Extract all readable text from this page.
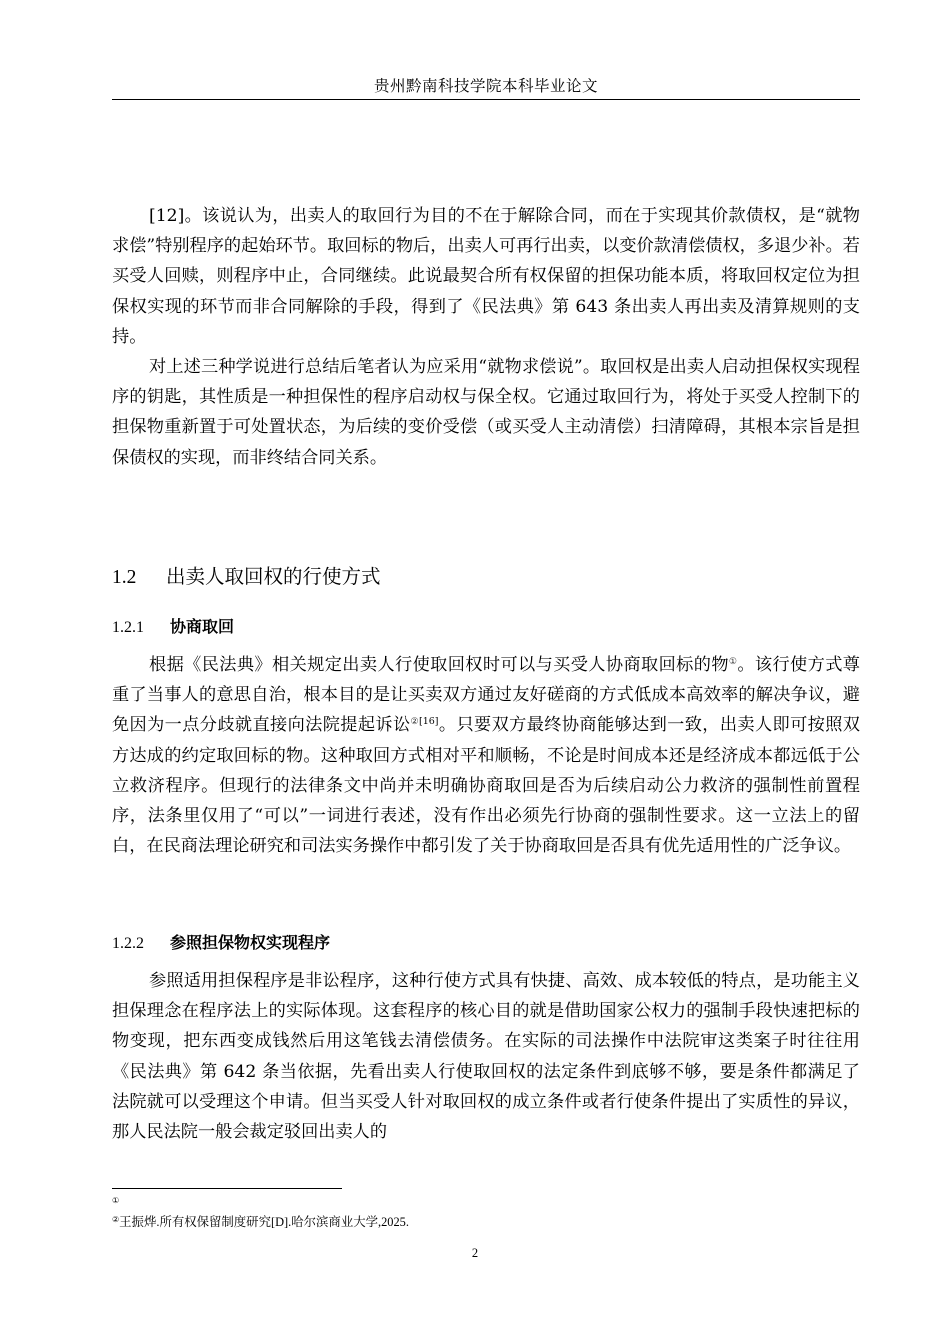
贵州黔南科技学院本科毕业论文

[12]。该说认为，出卖人的取回行为目的不在于解除合同，而在于实现其价款债权，是“就物求偿”特别程序的起始环节。取回标的物后，出卖人可再行出卖，以变价款清偿债权，多退少补。若买受人回赎，则程序中止，合同继续。此说最契合所有权保留的担保功能本质，将取回权定位为担保权实现的环节而非合同解除的手段，得到了《民法典》第 643 条出卖人再出卖及清算规则的支持。

对上述三种学说进行总结后笔者认为应采用“就物求偿说”。取回权是出卖人启动担保权实现程序的钥匙，其性质是一种担保性的程序启动权与保全权。它通过取回行为，将处于买受人控制下的担保物重新置于可处置状态，为后续的变价受偿（或买受人主动清偿）扫清障碍，其根本宗旨是担保债权的实现，而非终结合同关系。

1.2 出卖人取回权的行使方式
1.2.1 协商取回

根据《民法典》相关规定出卖人行使取回权时可以与买受人协商取回标的物①。该行使方式尊重了当事人的意思自治，根本目的是让买卖双方通过友好磋商的方式低成本高效率的解决争议，避免因为一点分歧就直接向法院提起诉讼$^{②[16]}$。只要双方最终协商能够达到一致，出卖人即可按照双方达成的约定取回标的物。这种取回方式相对平和顺畅，不论是时间成本还是经济成本都远低于公立救济程序。但现行的法律条文中尚并未明确协商取回是否为后续启动公力救济的强制性前置程序，法条里仅用了“可以”一词进行表述，没有作出必须先行协商的强制性要求。这一立法上的留白，在民商法理论研究和司法实务操作中都引发了关于协商取回是否具有优先适用性的广泛争议。

1.2.2 参照担保物权实现程序

参照适用担保程序是非讼程序，这种行使方式具有快捷、高效、成本较低的特点，是功能主义担保理念在程序法上的实际体现。这套程序的核心目的就是借助国家公权力的强制手段快速把标的物变现，把东西变成钱然后用这笔钱去清偿债务。在实际的司法操作中法院审这类案子时往往用《民法典》第 642 条当依据，先看出卖人行使取回权的法定条件到底够不够，要是条件都满足了法院就可以受理这个申请。但当买受人针对取回权的成立条件或者行使条件提出了实质性的异议，那人民法院一般会裁定驳回出卖人的

①
②王振烨.所有权保留制度研究[D].哈尔滨商业大学,2025.
2
